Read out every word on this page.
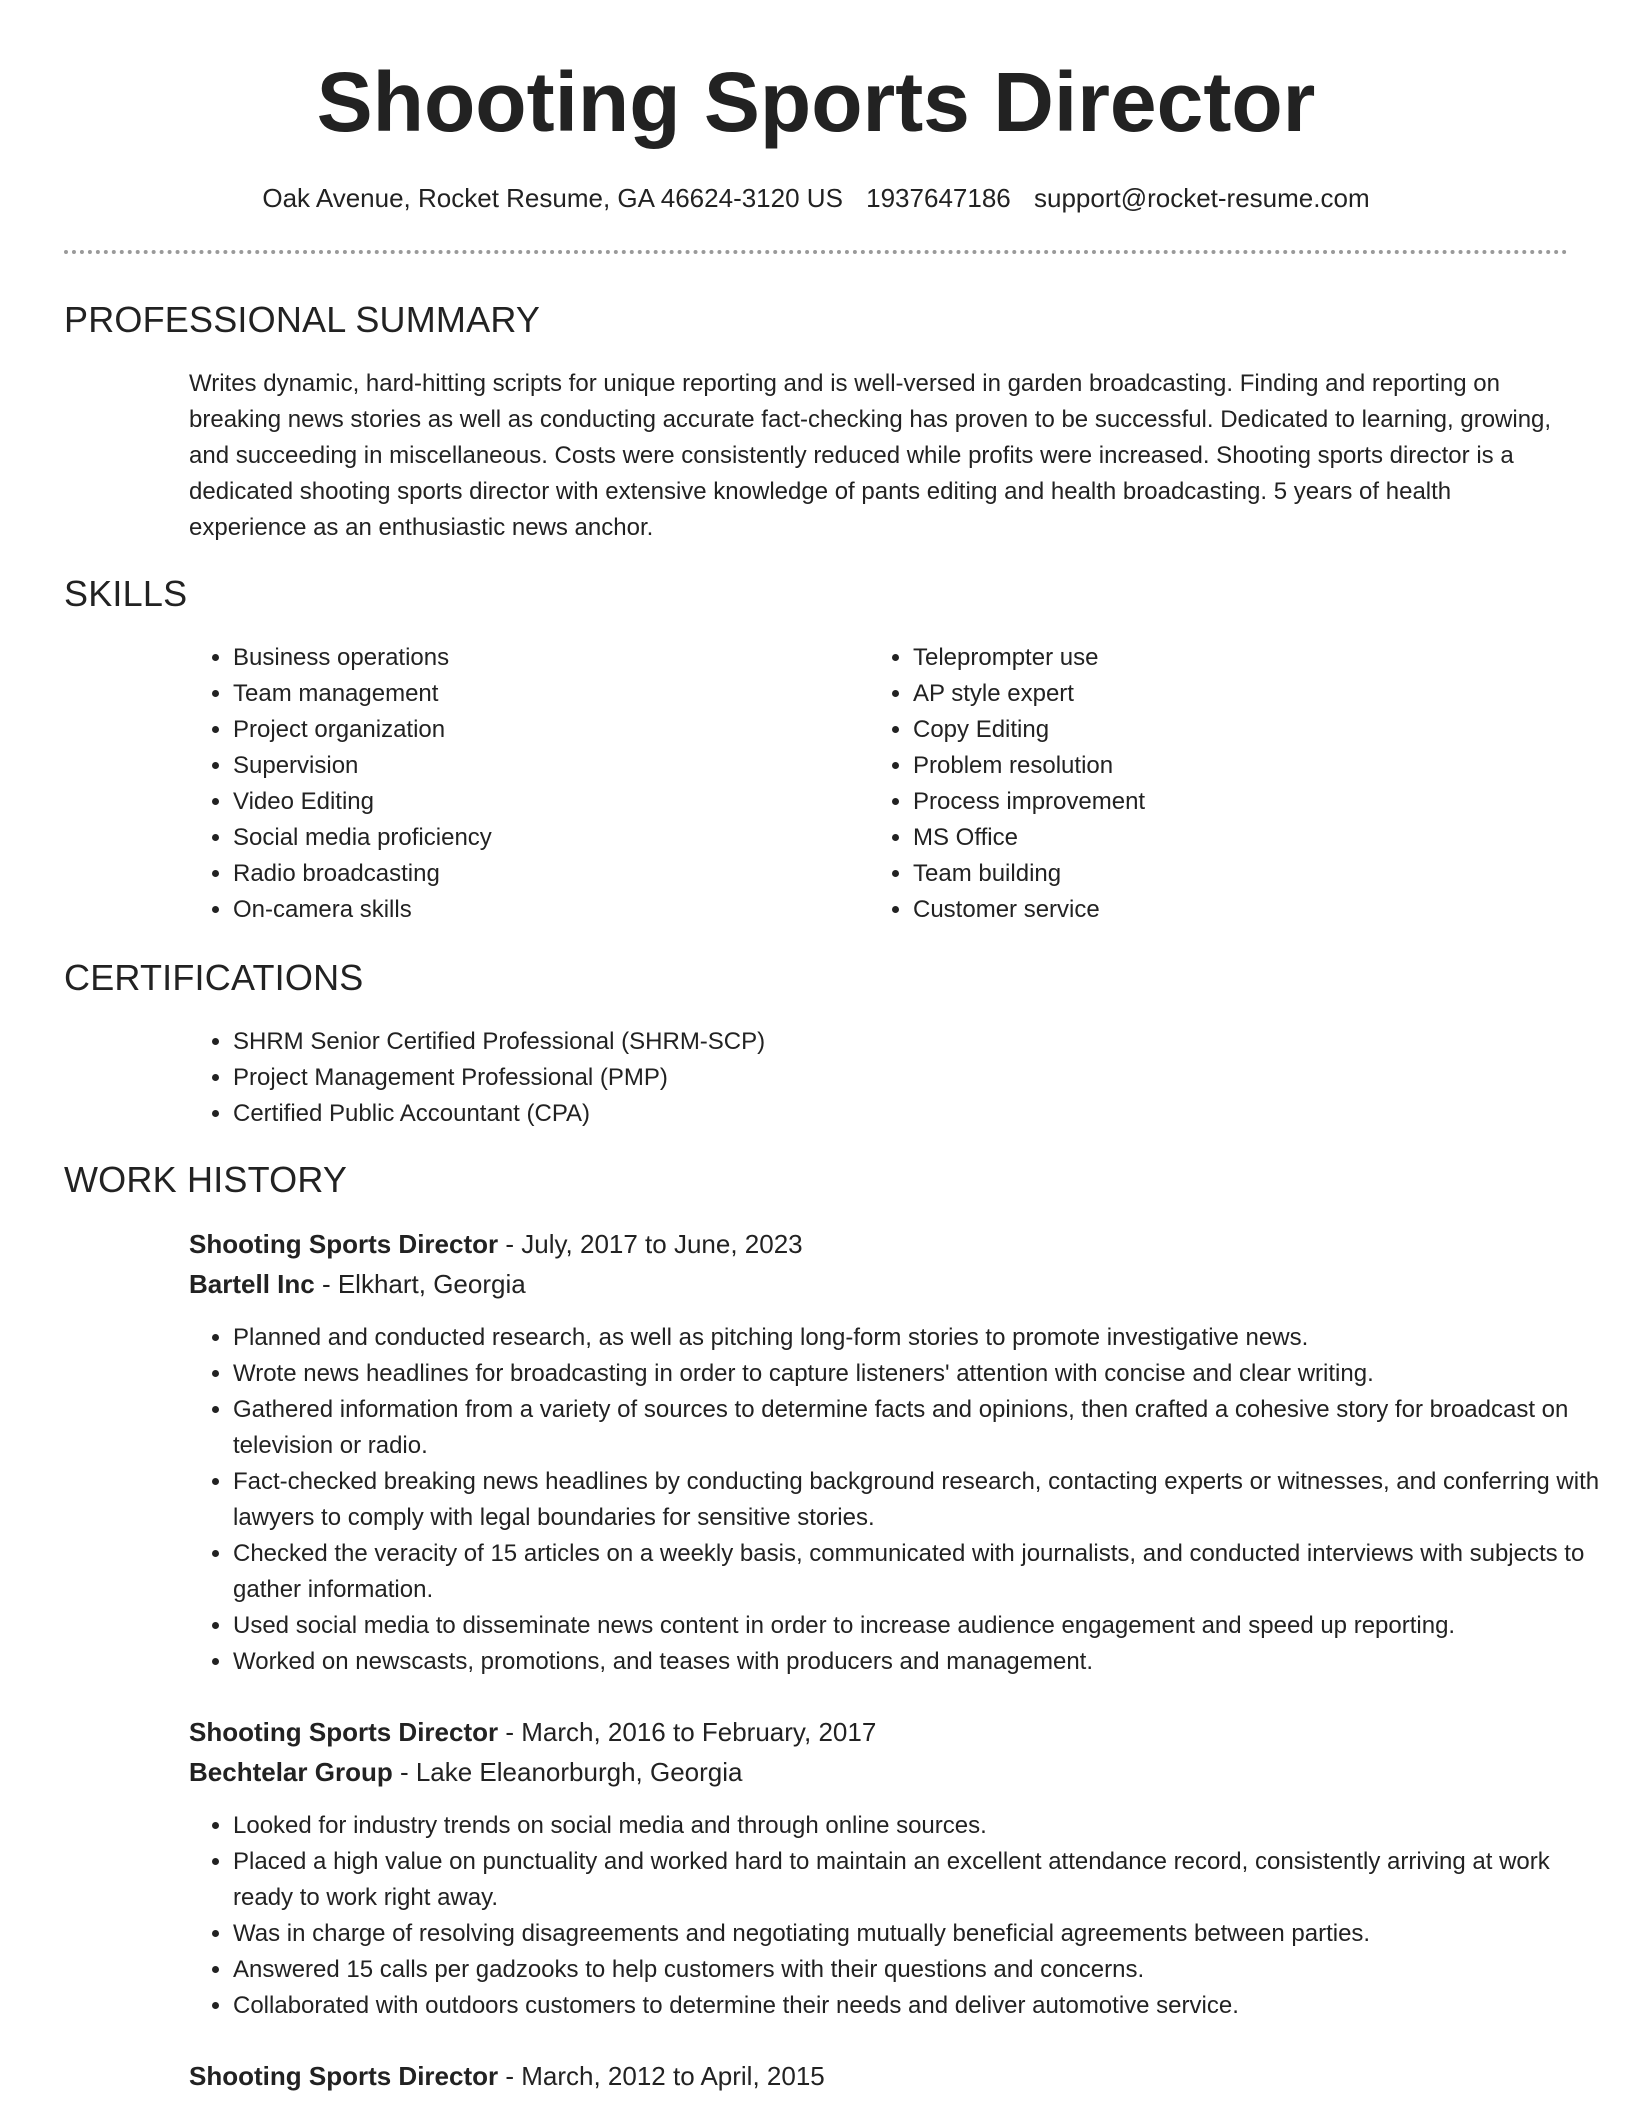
Shooting Sports Director
Oak Avenue, Rocket Resume, GA 46624-3120 US 1937647186 support@rocket-resume.com
PROFESSIONAL SUMMARY

Writes dynamic, hard-hitting scripts for unique reporting and is well-versed in garden broadcasting. Finding and reporting on breaking news stories as well as conducting accurate fact-checking has proven to be successful. Dedicated to learning, growing, and succeeding in miscellaneous. Costs were consistently reduced while profits were increased. Shooting sports director is a dedicated shooting sports director with extensive knowledge of pants editing and health broadcasting. 5 years of health experience as an enthusiastic news anchor.

SKILLS
• Business operations
• Team management
• Project organization
• Supervision
• Video Editing
• Social media proficiency
• Radio broadcasting
• On-camera skills
• Teleprompter use
• AP style expert
• Copy Editing
• Problem resolution
• Process improvement
• MS Office
• Team building
• Customer service
CERTIFICATIONS
• SHRM Senior Certified Professional (SHRM-SCP)
• Project Management Professional (PMP)
• Certified Public Accountant (CPA)
WORK HISTORY

Shooting Sports Director - July, 2017 to June, 2023

Bartell Inc - Elkhart, Georgia

• Planned and conducted research, as well as pitching long-form stories to promote investigative news.
• Wrote news headlines for broadcasting in order to capture listeners' attention with concise and clear writing.
• Gathered information from a variety of sources to determine facts and opinions, then crafted a cohesive story for broadcast on television or radio.
• Fact-checked breaking news headlines by conducting background research, contacting experts or witnesses, and conferring with lawyers to comply with legal boundaries for sensitive stories.
• Checked the veracity of 15 articles on a weekly basis, communicated with journalists, and conducted interviews with subjects to gather information.
• Used social media to disseminate news content in order to increase audience engagement and speed up reporting.
• Worked on newscasts, promotions, and teases with producers and management.

Shooting Sports Director - March, 2016 to February, 2017

Bechtelar Group - Lake Eleanorburgh, Georgia

• Looked for industry trends on social media and through online sources.
• Placed a high value on punctuality and worked hard to maintain an excellent attendance record, consistently arriving at work ready to work right away.
• Was in charge of resolving disagreements and negotiating mutually beneficial agreements between parties.
• Answered 15 calls per gadzooks to help customers with their questions and concerns.
• Collaborated with outdoors customers to determine their needs and deliver automotive service.

Shooting Sports Director - March, 2012 to April, 2015
